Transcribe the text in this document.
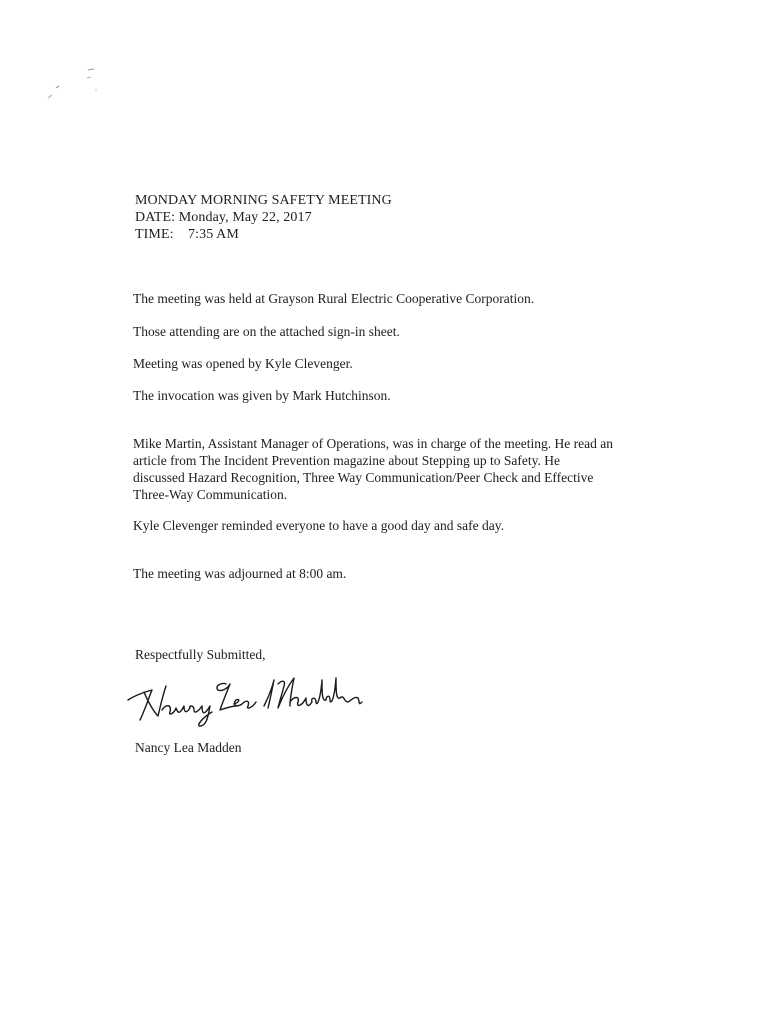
MONDAY MORNING SAFETY MEETING
DATE: Monday, May 22, 2017
TIME:    7:35 AM

The meeting was held at Grayson Rural Electric Cooperative Corporation.

Those attending are on the attached sign-in sheet.

Meeting was opened by Kyle Clevenger.

The invocation was given by Mark Hutchinson.

Mike Martin, Assistant Manager of Operations, was in charge of the meeting. He read an

article from The Incident Prevention magazine about Stepping up to Safety. He

discussed Hazard Recognition, Three Way Communication/Peer Check and Effective

Three-Way Communication.

Kyle Clevenger reminded everyone to have a good day and safe day.

The meeting was adjourned at 8:00 am.

Respectfully Submitted,

Nancy Lea Madden
